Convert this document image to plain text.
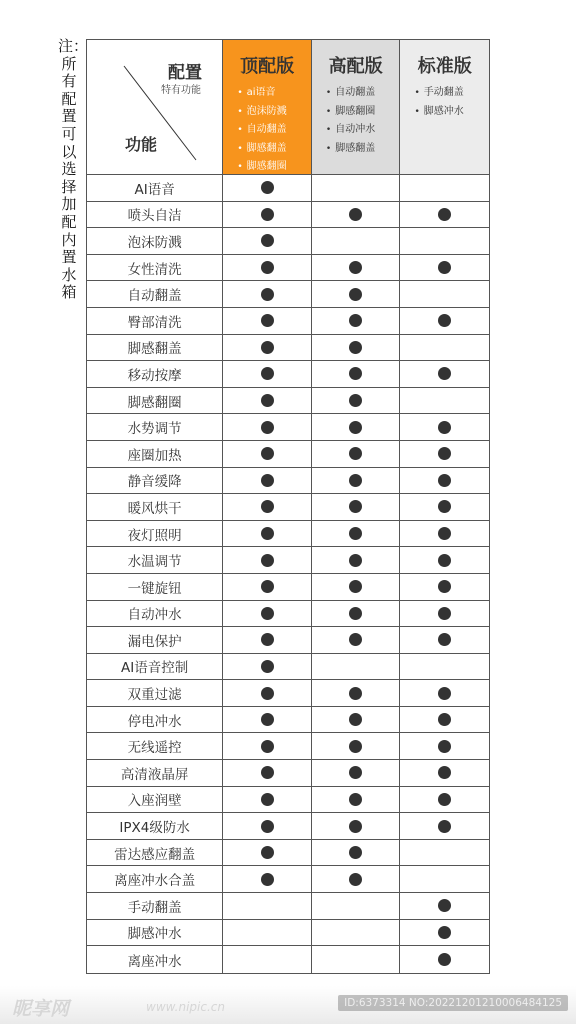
注：所有配置可以选择加配内置水箱
配置
特有功能
功能
顶配版
• ai语音
• 泡沫防溅
• 自动翻盖
• 脚感翻盖
• 脚感翻圈
高配版
• 自动翻盖
• 脚感翻圈
• 自动冲水
• 脚感翻盖
标准版
• 手动翻盖
• 脚感冲水
AI语音
喷头自洁
泡沫防溅
女性清洗
自动翻盖
臀部清洗
脚感翻盖
移动按摩
脚感翻圈
水势调节
座圈加热
静音缓降
暖风烘干
夜灯照明
水温调节
一键旋钮
自动冲水
漏电保护
AI语音控制
双重过滤
停电冲水
无线遥控
高清液晶屏
入座润壁
IPX4级防水
雷达感应翻盖
离座冲水合盖
手动翻盖
脚感冲水
离座冲水
昵享网	www.nipic.cn	ID:6373314 NO:20221201210006484125
